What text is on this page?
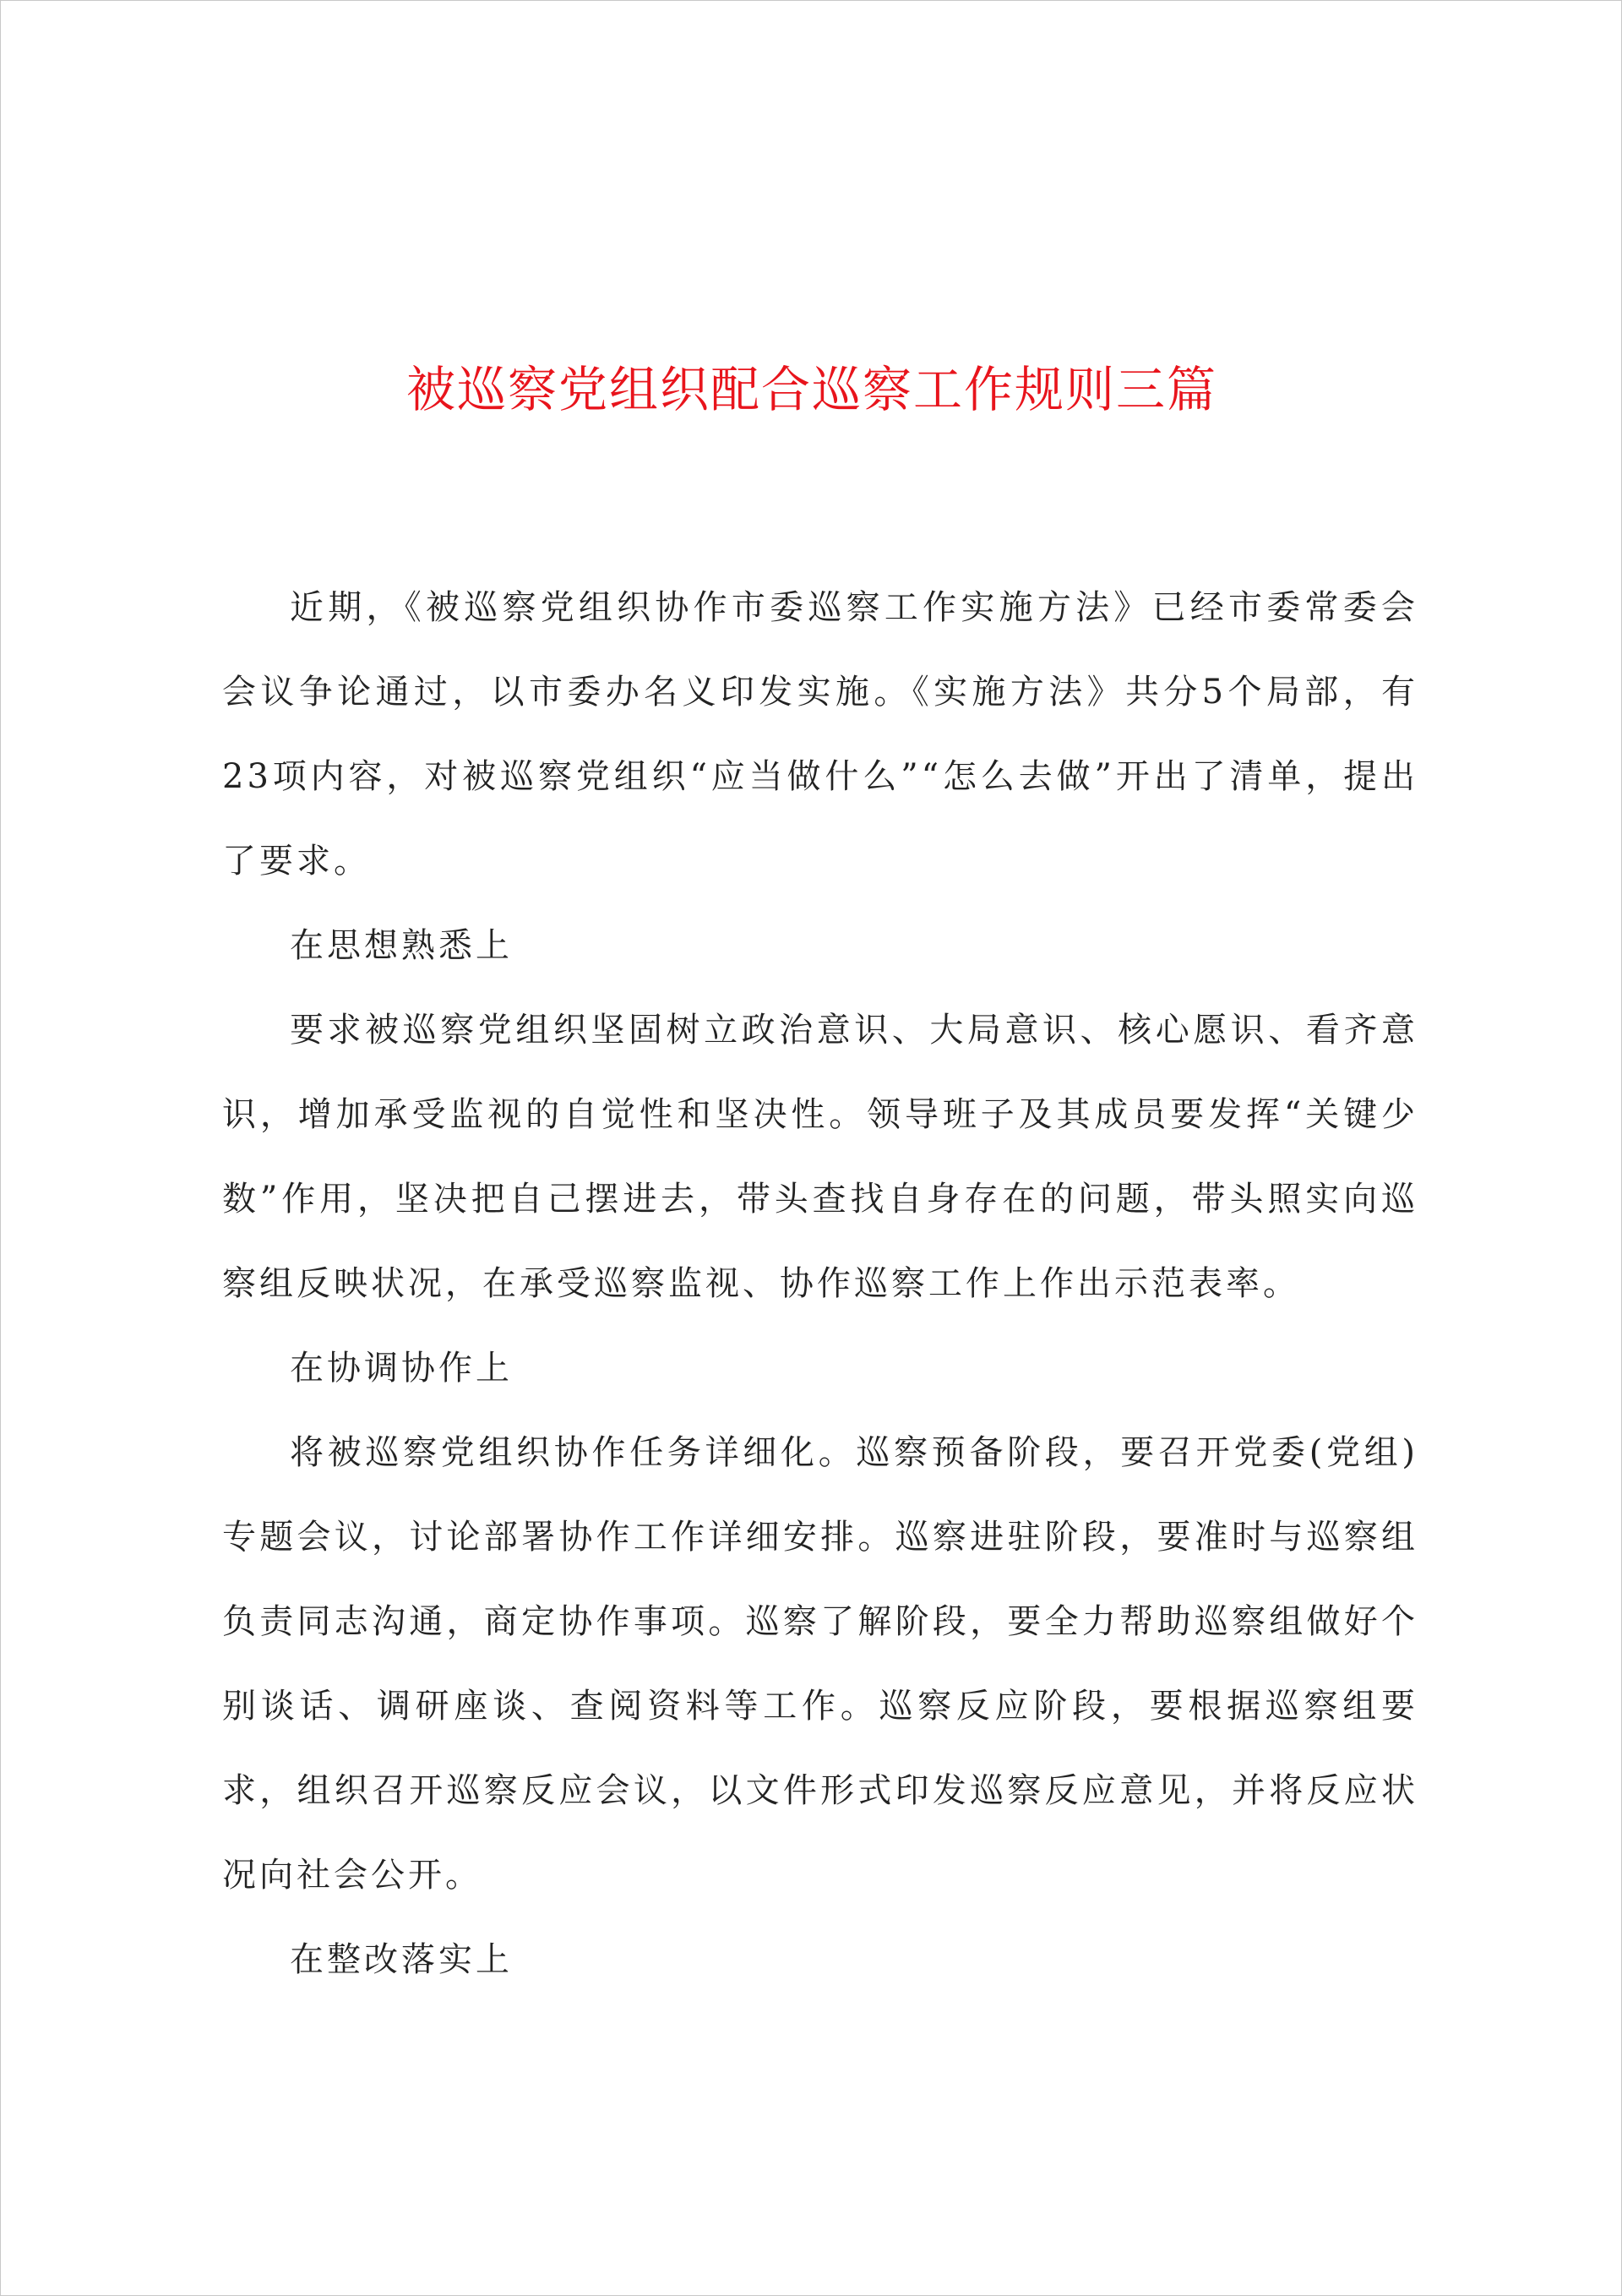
被巡察党组织配合巡察工作规则三篇

近期，《被巡察党组织协作市委巡察工作实施方法》已经市委常委会会议争论通过，以市委办名义印发实施。《实施方法》共分5个局部，有23项内容，对被巡察党组织“应当做什么”“怎么去做”开出了清单，提出了要求。

在思想熟悉上

要求被巡察党组织坚固树立政治意识、大局意识、核心愿识、看齐意识，增加承受监视的自觉性和坚决性。领导班子及其成员要发挥“关键少数”作用，坚决把自己摆进去，带头查找自身存在的问题，带头照实向巡察组反映状况，在承受巡察监视、协作巡察工作上作出示范表率。

在协调协作上

将被巡察党组织协作任务详细化。巡察预备阶段，要召开党委(党组)专题会议，讨论部署协作工作详细安排。巡察进驻阶段，要准时与巡察组负责同志沟通，商定协作事项。巡察了解阶段，要全力帮助巡察组做好个别谈话、调研座谈、查阅资料等工作。巡察反应阶段，要根据巡察组要求，组织召开巡察反应会议，以文件形式印发巡察反应意见，并将反应状况向社会公开。

在整改落实上
